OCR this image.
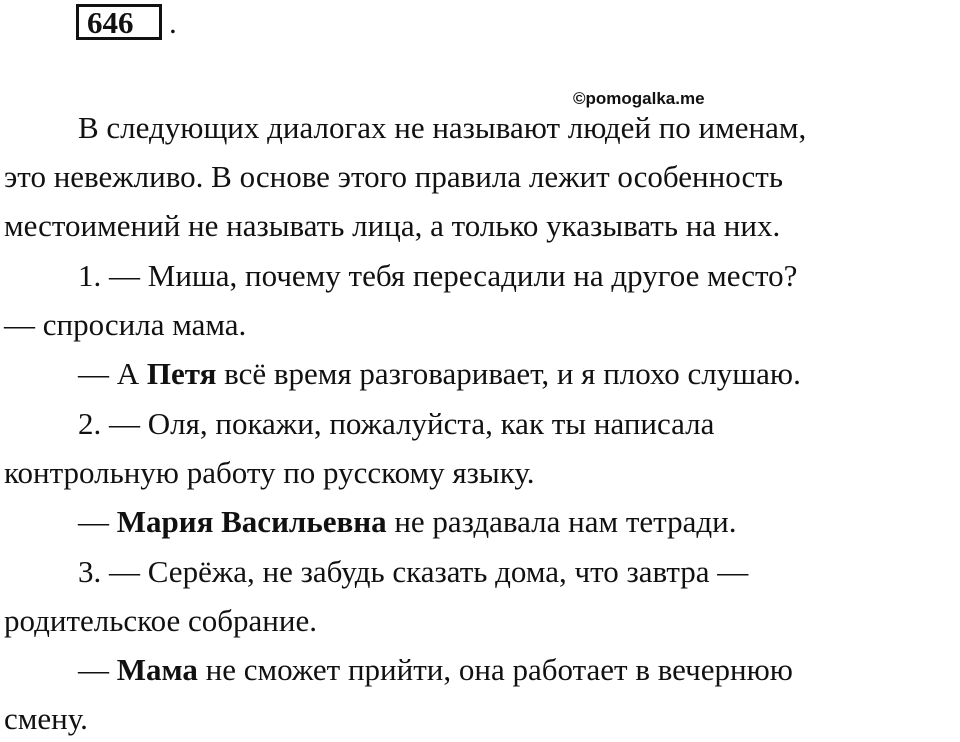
646 .
©pomogalka.me
В следующих диалогах не называют людей по именам,
это невежливо. В основе этого правила лежит особенность
местоимений не называть лица, а только указывать на них.
1. — Миша, почему тебя пересадили на другое место?
— спросила мама.
— А Петя всё время разговаривает, и я плохо слушаю.
2. — Оля, покажи, пожалуйста, как ты написала
контрольную работу по русскому языку.
— Мария Васильевна не раздавала нам тетради.
3. — Серёжа, не забудь сказать дома, что завтра —
родительское собрание.
— Мама не сможет прийти, она работает в вечернюю
смену.
